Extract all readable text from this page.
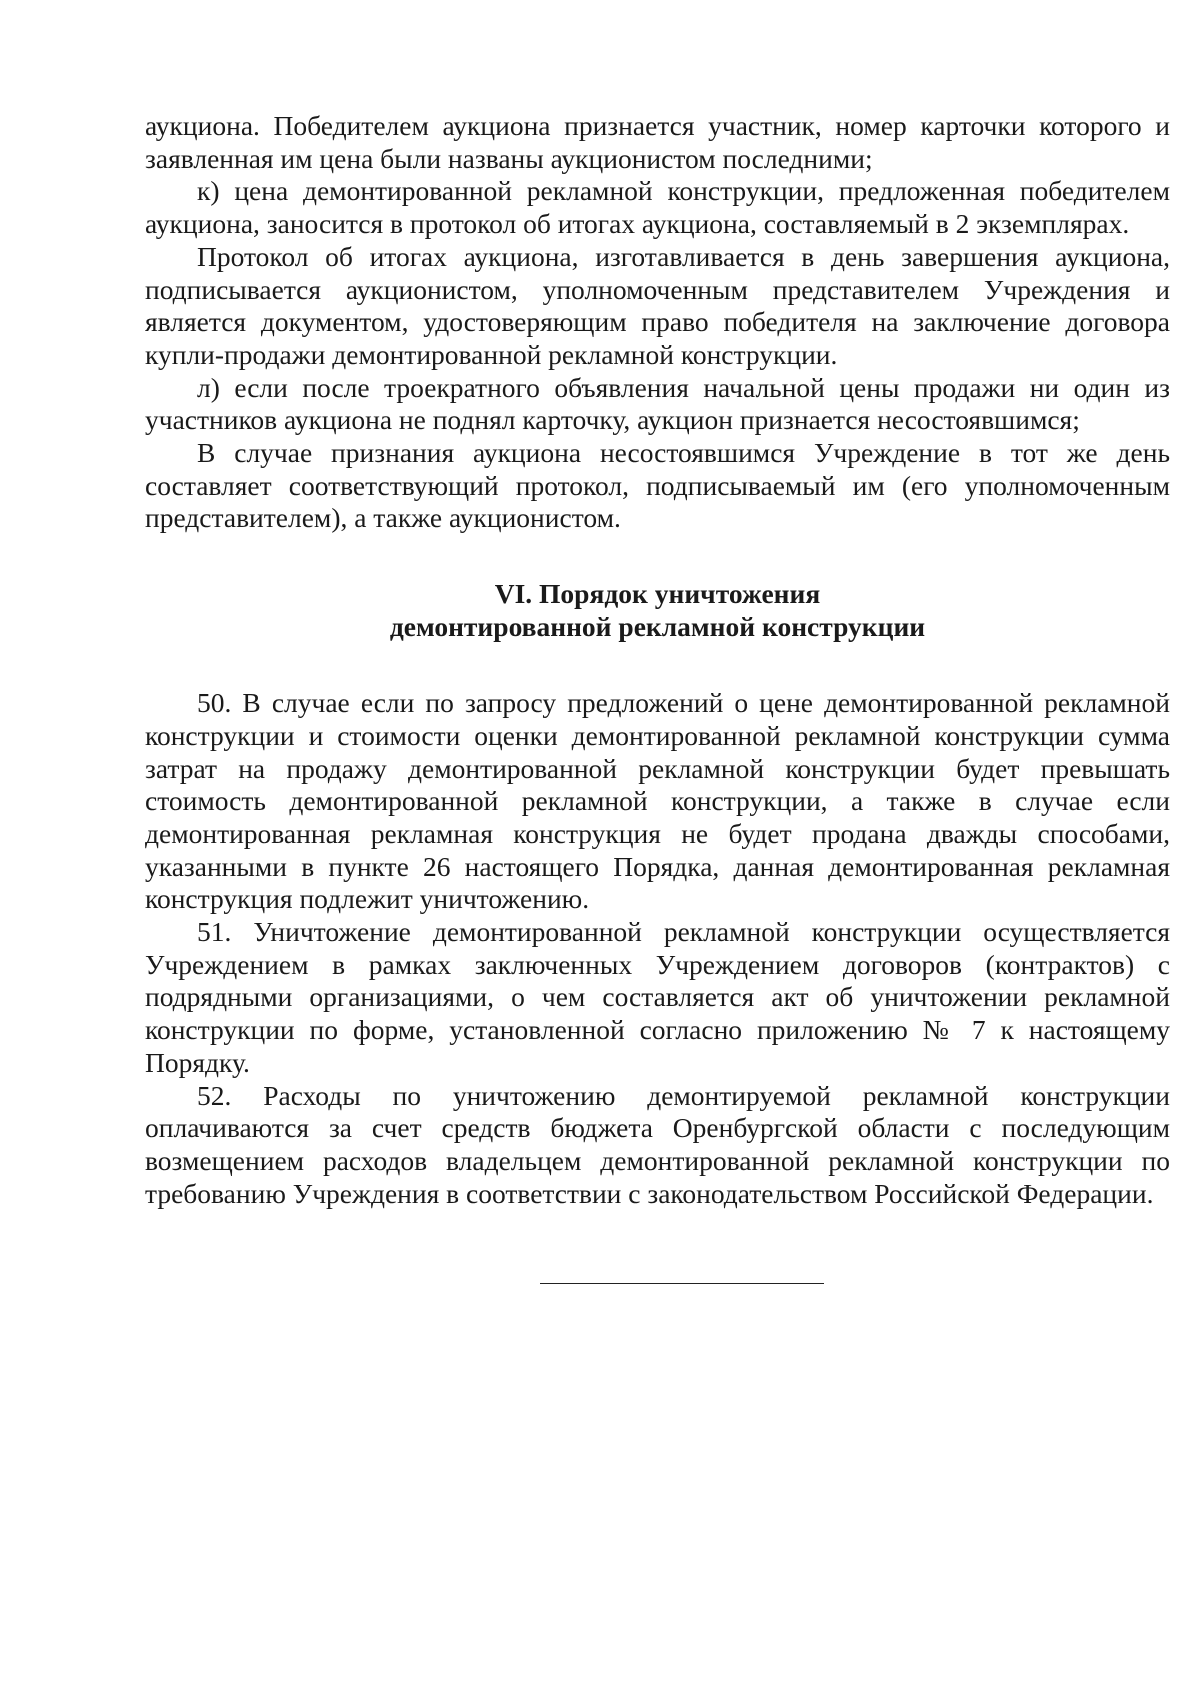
аукциона. Победителем аукциона признается участник, номер карточки которого и заявленная им цена были названы аукционистом последними;

к) цена демонтированной рекламной конструкции, предложенная победителем аукциона, заносится в протокол об итогах аукциона, составляемый в 2 экземплярах.

Протокол об итогах аукциона, изготавливается в день завершения аукциона, подписывается аукционистом, уполномоченным представителем Учреждения и является документом, удостоверяющим право победителя на заключение договора купли-продажи демонтированной рекламной конструкции.

л) если после троекратного объявления начальной цены продажи ни один из участников аукциона не поднял карточку, аукцион признается несостоявшимся;

В случае признания аукциона несостоявшимся Учреждение в тот же день составляет соответствующий протокол, подписываемый им (его уполномоченным представителем), а также аукционистом.

VI. Порядок уничтожения
демонтированной рекламной конструкции

50. В случае если по запросу предложений о цене демонтированной рекламной конструкции и стоимости оценки демонтированной рекламной конструкции сумма затрат на продажу демонтированной рекламной конструкции будет превышать стоимость демонтированной рекламной конструкции, а также в случае если демонтированная рекламная конструкция не будет продана дважды способами, указанными в пункте 26 настоящего Порядка, данная демонтированная рекламная конструкция подлежит уничтожению.

51. Уничтожение демонтированной рекламной конструкции осуществляется Учреждением в рамках заключенных Учреждением договоров (контрактов) с подрядными организациями, о чем составляется акт об уничтожении рекламной конструкции по форме, установленной согласно приложению № 7 к настоящему Порядку.

52. Расходы по уничтожению демонтируемой рекламной конструкции оплачиваются за счет средств бюджета Оренбургской области с последующим возмещением расходов владельцем демонтированной рекламной конструкции по требованию Учреждения в соответствии с законодательством Российской Федерации.
